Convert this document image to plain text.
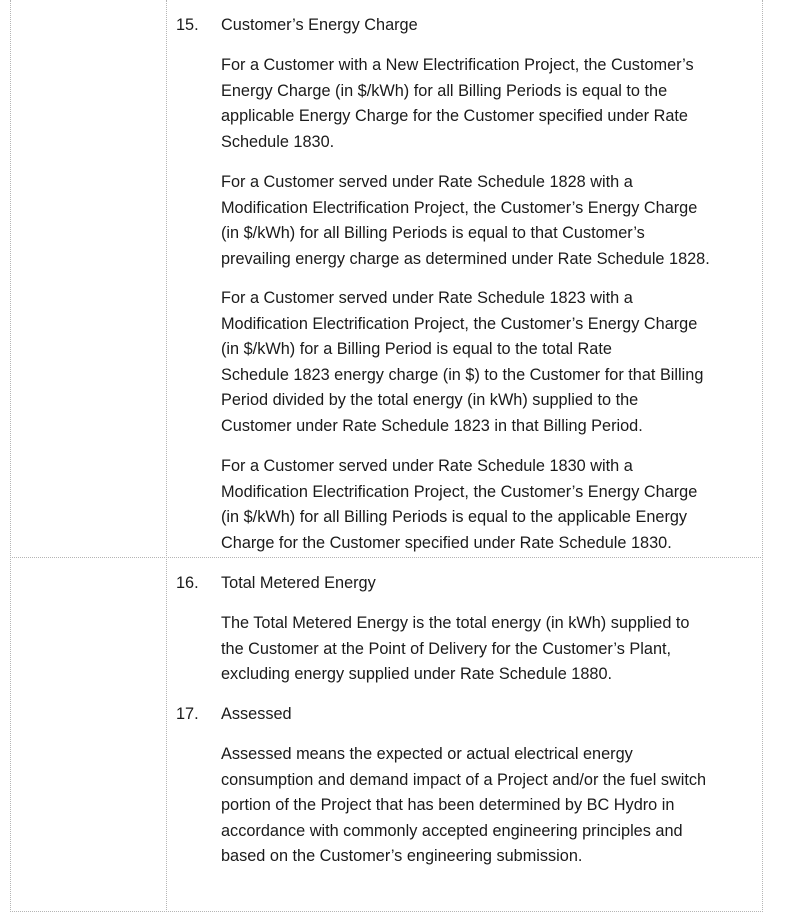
15. Customer’s Energy Charge
For a Customer with a New Electrification Project, the Customer’s
Energy Charge (in $/kWh) for all Billing Periods is equal to the
applicable Energy Charge for the Customer specified under Rate
Schedule 1830.
For a Customer served under Rate Schedule 1828 with a
Modification Electrification Project, the Customer’s Energy Charge
(in $/kWh) for all Billing Periods is equal to that Customer’s
prevailing energy charge as determined under Rate Schedule 1828.
For a Customer served under Rate Schedule 1823 with a
Modification Electrification Project, the Customer’s Energy Charge
(in $/kWh) for a Billing Period is equal to the total Rate
Schedule 1823 energy charge (in $) to the Customer for that Billing
Period divided by the total energy (in kWh) supplied to the
Customer under Rate Schedule 1823 in that Billing Period.
For a Customer served under Rate Schedule 1830 with a
Modification Electrification Project, the Customer’s Energy Charge
(in $/kWh) for all Billing Periods is equal to the applicable Energy
Charge for the Customer specified under Rate Schedule 1830.
16. Total Metered Energy
The Total Metered Energy is the total energy (in kWh) supplied to
the Customer at the Point of Delivery for the Customer’s Plant,
excluding energy supplied under Rate Schedule 1880.
17. Assessed
Assessed means the expected or actual electrical energy
consumption and demand impact of a Project and/or the fuel switch
portion of the Project that has been determined by BC Hydro in
accordance with commonly accepted engineering principles and
based on the Customer’s engineering submission.
